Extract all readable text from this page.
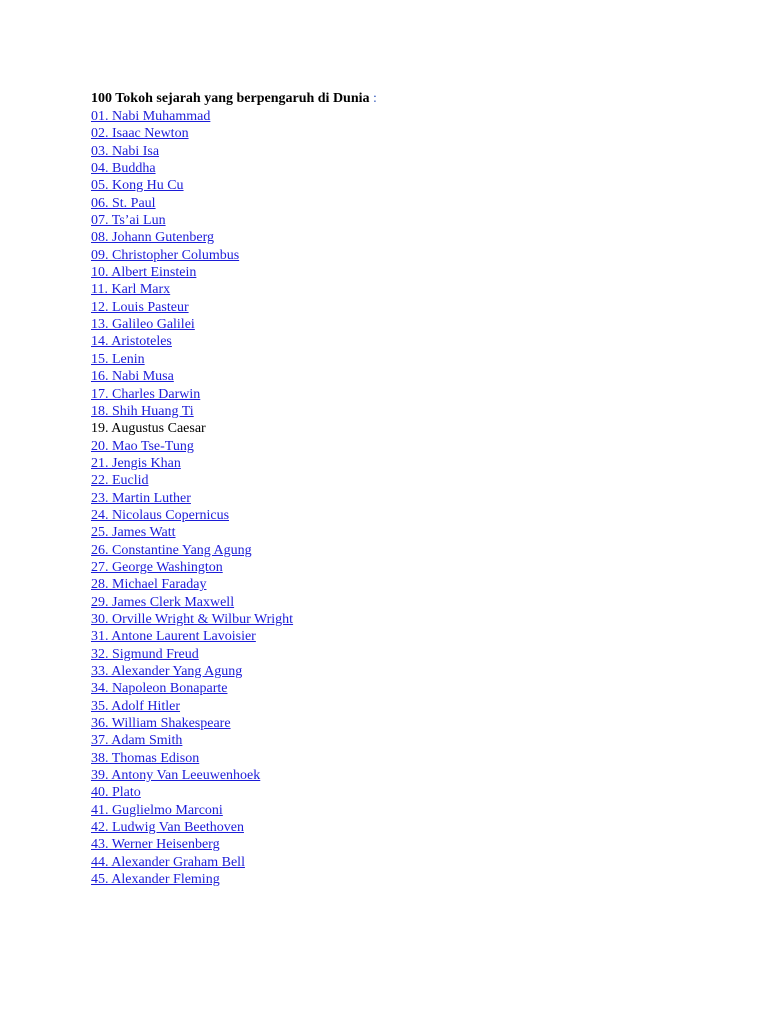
100 Tokoh sejarah yang berpengaruh di Dunia :
01. Nabi Muhammad
02. Isaac Newton
03. Nabi Isa
04. Buddha
05. Kong Hu Cu
06. St. Paul
07. Ts’ai Lun
08. Johann Gutenberg
09. Christopher Columbus
10. Albert Einstein
11. Karl Marx
12. Louis Pasteur
13. Galileo Galilei
14. Aristoteles
15. Lenin
16. Nabi Musa
17. Charles Darwin
18. Shih Huang Ti
19. Augustus Caesar
20. Mao Tse-Tung
21. Jengis Khan
22. Euclid
23. Martin Luther
24. Nicolaus Copernicus
25. James Watt
26. Constantine Yang Agung
27. George Washington
28. Michael Faraday
29. James Clerk Maxwell
30. Orville Wright & Wilbur Wright
31. Antone Laurent Lavoisier
32. Sigmund Freud
33. Alexander Yang Agung
34. Napoleon Bonaparte
35. Adolf Hitler
36. William Shakespeare
37. Adam Smith
38. Thomas Edison
39. Antony Van Leeuwenhoek
40. Plato
41. Guglielmo Marconi
42. Ludwig Van Beethoven
43. Werner Heisenberg
44. Alexander Graham Bell
45. Alexander Fleming
